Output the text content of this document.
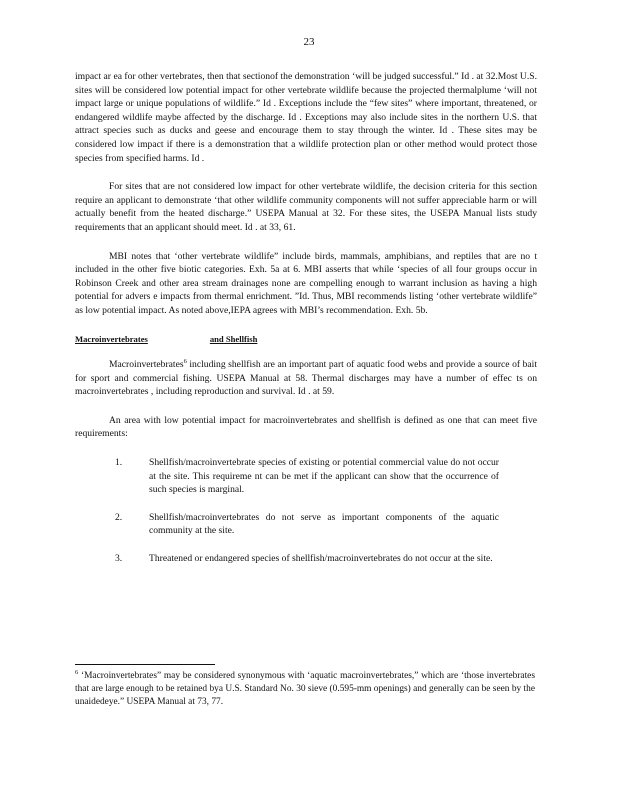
23

impact ar ea for other vertebrates, then that sectionof the demonstration ‘will be judged successful.” Id . at 32.Most U.S. sites will be considered low potential impact for other vertebrate wildlife because the projected thermalplume ‘will not impact large or unique populations of wildlife.” Id . Exceptions include the “few sites” where important, threatened, or endangered wildlife maybe affected by the discharge. Id . Exceptions may also include sites in the northern U.S. that attract species such as ducks and geese and encourage them to stay through the winter. Id . These sites may be considered low impact if there is a demonstration that a wildlife protection plan or other method would protect those species from specified harms. Id .

For sites that are not considered low impact for other vertebrate wildlife, the decision criteria for this section require an applicant to demonstrate ‘that other wildlife community components will not suffer appreciable harm or will actually benefit from the heated discharge.” USEPA Manual at 32. For these sites, the USEPA Manual lists study requirements that an applicant should meet. Id . at 33, 61.

MBI notes that ‘other vertebrate wildlife” include birds, mammals, amphibians, and reptiles that are no t included in the other five biotic categories. Exh. 5a at 6. MBI asserts that while ‘species of all four groups occur in Robinson Creek and other area stream drainages none are compelling enough to warrant inclusion as having a high potential for advers e impacts from thermal enrichment. ”Id. Thus, MBI recommends listing ‘other vertebrate wildlife” as low potential impact. As noted above,IEPA agrees with MBI’s recommendation. Exh. 5b.

Macroinvertebrates	and Shellfish

Macroinvertebrates$^6$ including shellfish are an important part of aquatic food webs and provide a source of bait for sport and commercial fishing. USEPA Manual at 58. Thermal discharges may have a number of effec ts on macroinvertebrates , including reproduction and survival. Id . at 59.

An area with low potential impact for macroinvertebrates and shellfish is defined as one that can meet five requirements:

1.	Shellfish/macroinvertebrate species of existing or potential commercial value do not occur at the site. This requireme nt can be met if the applicant can show that the occurrence of such species is marginal.
2.	Shellfish/macroinvertebrates do not serve as important components of the aquatic community at the site.
3.	Threatened or endangered species of shellfish/macroinvertebrates do not occur at the site.
$^6$ ‘Macroinvertebrates” may be considered synonymous with ‘aquatic macroinvertebrates,” which are ‘those invertebrates that are large enough to be retained bya U.S. Standard No. 30 sieve (0.595-mm openings) and generally can be seen by the unaidedeye.” USEPA Manual at 73, 77.
